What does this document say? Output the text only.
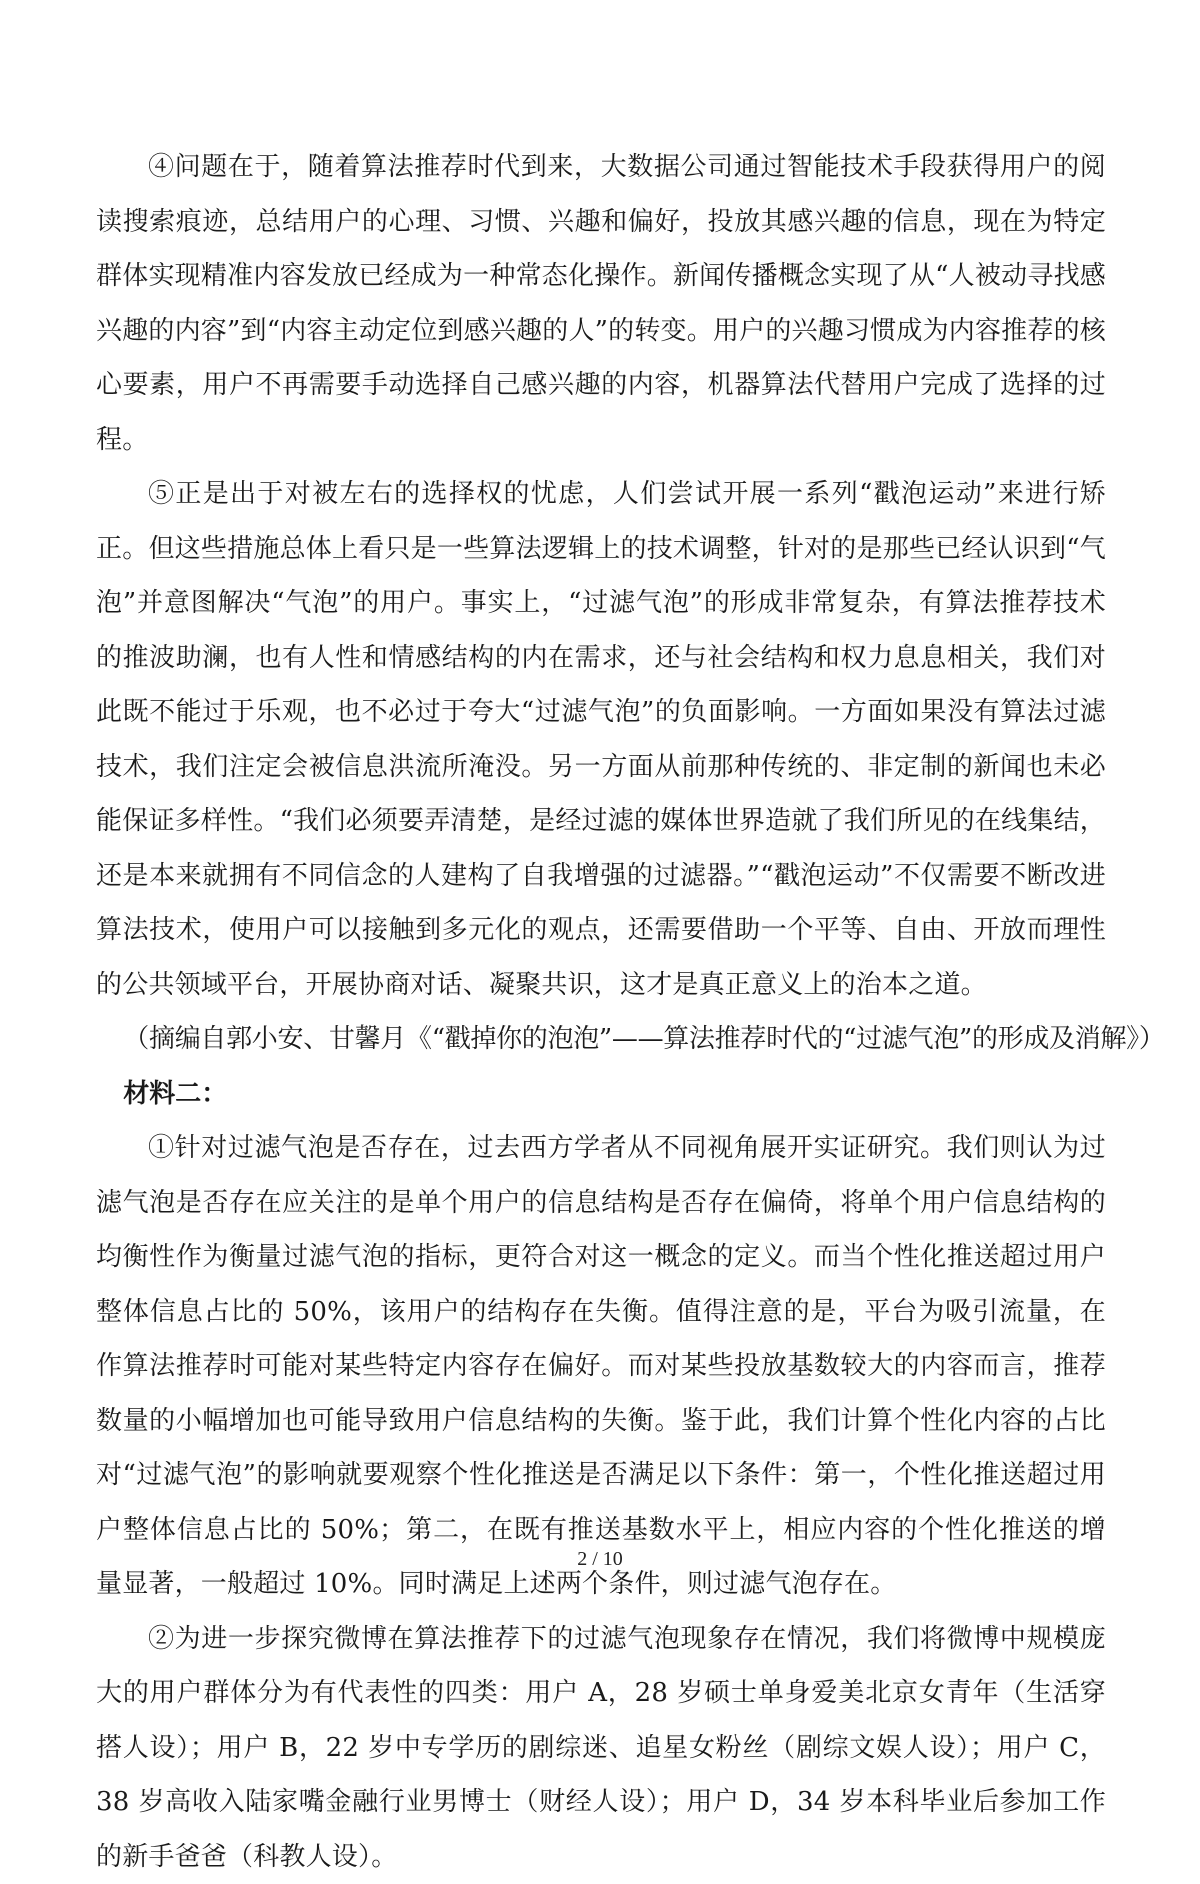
④问题在于，随着算法推荐时代到来，大数据公司通过智能技术手段获得用户的阅读搜索痕迹，总结用户的心理、习惯、兴趣和偏好，投放其感兴趣的信息，现在为特定群体实现精准内容发放已经成为一种常态化操作。新闻传播概念实现了从“人被动寻找感兴趣的内容”到“内容主动定位到感兴趣的人”的转变。用户的兴趣习惯成为内容推荐的核心要素，用户不再需要手动选择自己感兴趣的内容，机器算法代替用户完成了选择的过程。

⑤正是出于对被左右的选择权的忧虑，人们尝试开展一系列“戳泡运动”来进行矫正。但这些措施总体上看只是一些算法逻辑上的技术调整，针对的是那些已经认识到“气泡”并意图解决“气泡”的用户。事实上，“过滤气泡”的形成非常复杂，有算法推荐技术的推波助澜，也有人性和情感结构的内在需求，还与社会结构和权力息息相关，我们对此既不能过于乐观，也不必过于夸大“过滤气泡”的负面影响。一方面如果没有算法过滤技术，我们注定会被信息洪流所淹没。另一方面从前那种传统的、非定制的新闻也未必能保证多样性。“我们必须要弄清楚，是经过滤的媒体世界造就了我们所见的在线集结，还是本来就拥有不同信念的人建构了自我增强的过滤器。”“戳泡运动”不仅需要不断改进算法技术，使用户可以接触到多元化的观点，还需要借助一个平等、自由、开放而理性的公共领域平台，开展协商对话、凝聚共识，这才是真正意义上的治本之道。

（摘编自郭小安、甘馨月《“戳掉你的泡泡”——算法推荐时代的“过滤气泡”的形成及消解》）

材料二：

①针对过滤气泡是否存在，过去西方学者从不同视角展开实证研究。我们则认为过滤气泡是否存在应关注的是单个用户的信息结构是否存在偏倚，将单个用户信息结构的均衡性作为衡量过滤气泡的指标，更符合对这一概念的定义。而当个性化推送超过用户整体信息占比的 50%，该用户的结构存在失衡。值得注意的是，平台为吸引流量，在作算法推荐时可能对某些特定内容存在偏好。而对某些投放基数较大的内容而言，推荐数量的小幅增加也可能导致用户信息结构的失衡。鉴于此，我们计算个性化内容的占比对“过滤气泡”的影响就要观察个性化推送是否满足以下条件：第一，个性化推送超过用户整体信息占比的 50%；第二，在既有推送基数水平上，相应内容的个性化推送的增量显著，一般超过 10%。同时满足上述两个条件，则过滤气泡存在。

②为进一步探究微博在算法推荐下的过滤气泡现象存在情况，我们将微博中规模庞大的用户群体分为有代表性的四类：用户 A，28 岁硕士单身爱美北京女青年（生活穿搭人设）；用户 B，22 岁中专学历的剧综迷、追星女粉丝（剧综文娱人设）；用户 C，38 岁高收入陆家嘴金融行业男博士（财经人设）；用户 D，34 岁本科毕业后参加工作的新手爸爸（科教人设）。

2 / 10
